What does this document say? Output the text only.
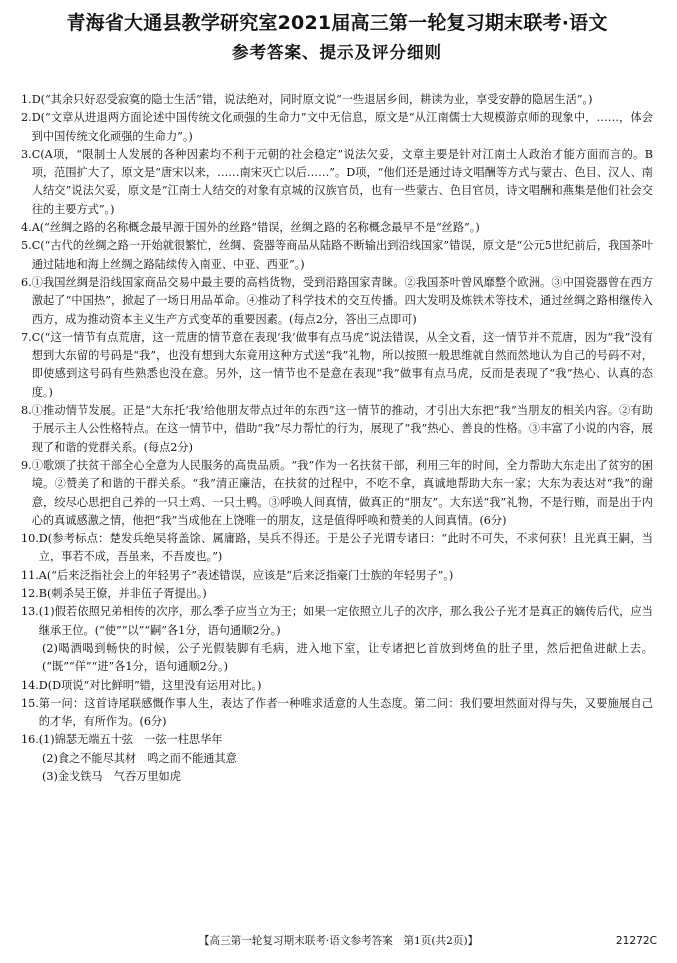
青海省大通县教学研究室2021届高三第一轮复习期末联考·语文
参考答案、提示及评分细则
1. D(“其余只好忍受寂寞的隐士生活”错，说法绝对，同时原文说“一些退居乡间，耕读为业，享受安静的隐居生活”。)
2. D(“文章从进退两方面论述中国传统文化顽强的生命力”文中无信息，原文是“从江南儒士大规模游京师的现象中，……，体会到中国传统文化顽强的生命力”。)
3. C(A项，“限制士人发展的各种因素均不利于元朝的社会稳定”说法欠妥，文章主要是针对江南士人政治才能方面而言的。B项，范围扩大了，原文是“唐宋以来，……南宋灭亡以后……”。D项，“他们还是通过诗文唱酬等方式与蒙古、色目、汉人、南人结交”说法欠妥，原文是“江南士人结交的对象有京城的汉族官员，也有一些蒙古、色目官员，诗文唱酬和燕集是他们社会交往的主要方式”。)
4. A(“丝绸之路的名称概念最早源于国外的丝路”错误，丝绸之路的名称概念最早不是“丝路”。)
5. C(“古代的丝绸之路一开始就很繁忙，丝绸、瓷器等商品从陆路不断输出到沿线国家”错误，原文是“公元5世纪前后，我国茶叶通过陆地和海上丝绸之路陆续传入南亚、中亚、西亚”。)
6. ①我国丝绸是沿线国家商品交易中最主要的高档货物，受到沿路国家青睐。②我国茶叶曾风靡整个欧洲。③中国瓷器曾在西方激起了“中国热”，掀起了一场日用品革命。④推动了科学技术的交互传播。四大发明及炼铁术等技术，通过丝绸之路相继传入西方，成为推动资本主义生产方式变革的重要因素。(每点2分，答出三点即可)
7. C(“这一情节有点荒唐，这一荒唐的情节意在表现‘我’做事有点马虎”说法错误，从全文看，这一情节并不荒唐，因为“我”没有想到大东留的号码是“我”，也没有想到大东竟用这种方式送“我”礼物，所以按照一般思维就自然而然地认为自己的号码不对，即使感到这号码有些熟悉也没在意。另外，这一情节也不是意在表现“我”做事有点马虎，反而是表现了“我”热心、认真的态度。)
8. ①推动情节发展。正是“大东托‘我’给他朋友带点过年的东西”这一情节的推动，才引出大东把“我”当朋友的相关内容。②有助于展示主人公性格特点。在这一情节中，借助“我”尽力帮忙的行为，展现了“我”热心、善良的性格。③丰富了小说的内容，展现了和谐的党群关系。(每点2分)
9. ①歌颂了扶贫干部全心全意为人民服务的高贵品质。“我”作为一名扶贫干部，利用三年的时间，全力帮助大东走出了贫穷的困境。②赞美了和谐的干群关系。“我”清正廉洁，在扶贫的过程中，不吃不拿，真诚地帮助大东一家；大东为表达对“我”的谢意，绞尽心思把自己养的一只土鸡、一只土鸭。③呼唤人间真情，做真正的“朋友”。大东送“我”礼物，不是行贿，而是出于内心的真诚感激之情，他把“我”当成他在上饶唯一的朋友，这是值得呼唤和赞美的人间真情。(6分)
10. D(参考标点：楚发兵绝吴将盖馀、属庸路，吴兵不得还。于是公子光谓专诸曰：“此时不可失，不求何获！且光真王嗣，当立，事若不成，吾虽来，不吾废也。”)
11. A(“后来泛指社会上的年轻男子”表述错误，应该是“后来泛指豪门士族的年轻男子”。)
12. B(刺杀吴王僚，并非伍子胥提出。)
13. (1)假若依照兄弟相传的次序，那么季子应当立为王；如果一定依照立儿子的次序，那么我公子光才是真正的嫡传后代，应当继承王位。(“使”“以”“嗣”各1分，语句通顺2分。)
(2)喝酒喝到畅快的时候，公子光假装脚有毛病，进入地下室，让专诸把匕首放到烤鱼的肚子里，然后把鱼进献上去。(“既”“佯”“进”各1分，语句通顺2分。)
14. D(D项说“对比鲜明”错，这里没有运用对比。)
15. 第一问：这首诗尾联感慨作事人生，表达了作者一种唯求适意的人生态度。第二问：我们要坦然面对得与失，又要施展自己的才华，有所作为。(6分)
16. (1)锦瑟无端五十弦　一弦一柱思华年
(2)食之不能尽其材　鸣之而不能通其意
(3)金戈铁马　气吞万里如虎
【高三第一轮复习期末联考·语文参考答案　第1页(共2页)】	21272C
